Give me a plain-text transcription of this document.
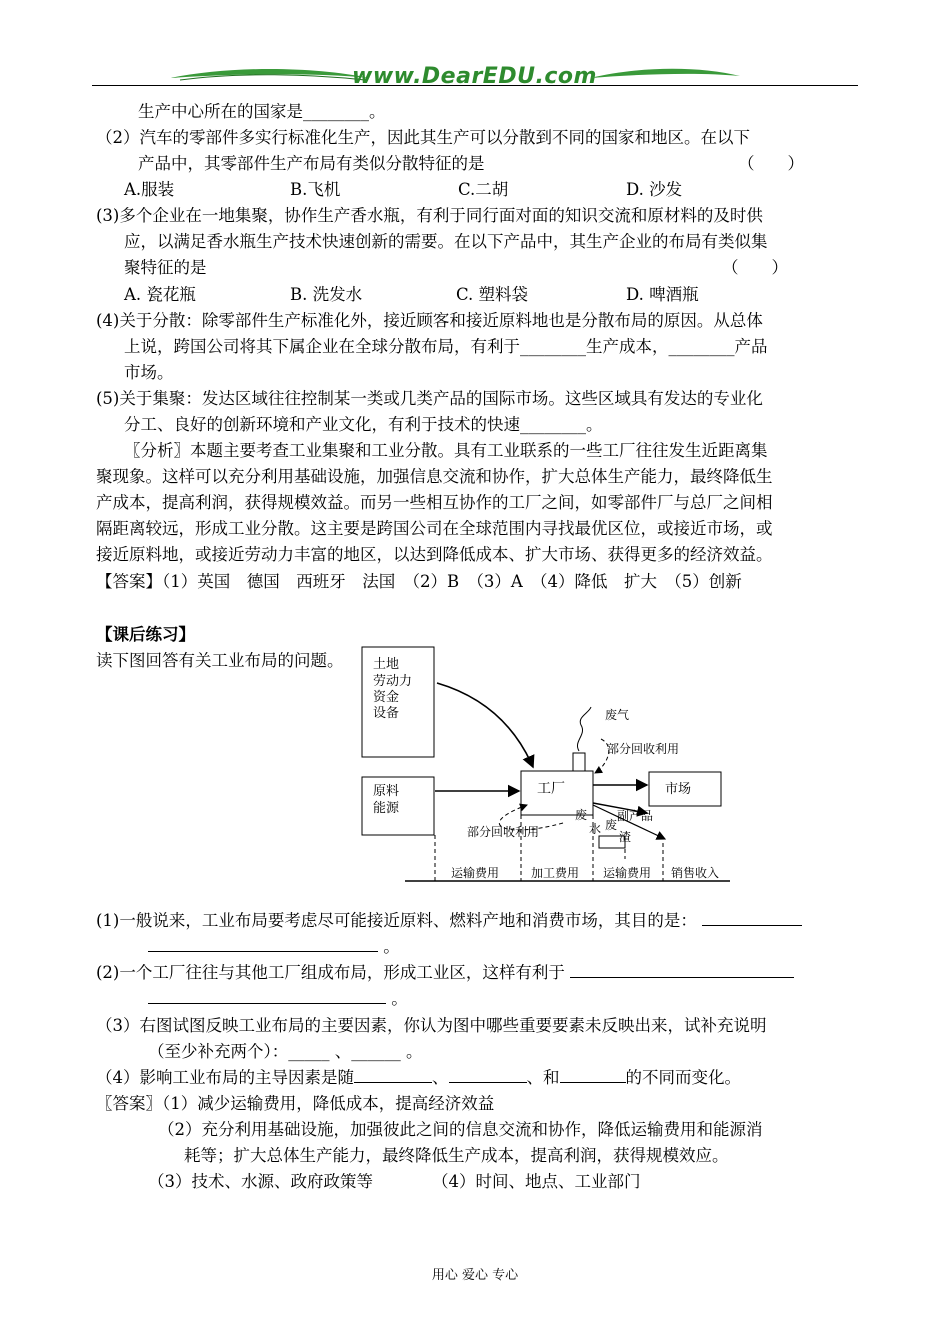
www.DearEDU.com
生产中心所在的国家是________。
（2）汽车的零部件多实行标准化生产，因此其生产可以分散到不同的国家和地区。在以下
产品中，其零部件生产布局有类似分散特征的是	（　　）
A.服装	B.飞机	C.二胡	D. 沙发
(3)多个企业在一地集聚，协作生产香水瓶，有利于同行面对面的知识交流和原材料的及时供
应，以满足香水瓶生产技术快速创新的需要。在以下产品中，其生产企业的布局有类似集
聚特征的是	（　　）
A. 瓷花瓶	B. 洗发水	C. 塑料袋	D. 啤酒瓶
(4)关于分散：除零部件生产标准化外，接近顾客和接近原料地也是分散布局的原因。从总体
上说，跨国公司将其下属企业在全球分散布局，有利于________生产成本，________产品
市场。
(5)关于集聚：发达区域往往控制某一类或几类产品的国际市场。这些区域具有发达的专业化
分工、良好的创新环境和产业文化，有利于技术的快速________。
〖分析〗本题主要考查工业集聚和工业分散。具有工业联系的一些工厂往往发生近距离集
聚现象。这样可以充分利用基础设施，加强信息交流和协作，扩大总体生产能力，最终降低生
产成本，提高利润，获得规模效益。而另一些相互协作的工厂之间，如零部件厂与总厂之间相
隔距离较远，形成工业分散。这主要是跨国公司在全球范围内寻找最优区位，或接近市场，或
接近原料地，或接近劳动力丰富的地区，以达到降低成本、扩大市场、获得更多的经济效益。
【答案】（1）英国　德国　西班牙　法国　（2）B　（3）A　（4）降低　扩大　（5）创新
【课后练习】
读下图回答有关工业布局的问题。 土地
劳动力
资金
设备
原料
能源
工厂
废气
部分回收利用
市场
副产品
废
水 废
渣
部分回收利用
运输费用	加工费用 运输费用 销售收入
(1)一般说来，工业布局要考虑尽可能接近原料、燃料产地和消费市场，其目的是：
。
(2)一个工厂往往与其他工厂组成布局，形成工业区，这样有利于
。
（3）右图试图反映工业布局的主要因素，你认为图中哪些重要要素未反映出来，试补充说明
（至少补充两个）：_____ 、______ 。
（4）影响工业布局的主导因素是随	、	、和	的不同而变化。
〖答案〗（1）减少运输费用，降低成本，提高经济效益
（2）充分利用基础设施，加强彼此之间的信息交流和协作，降低运输费用和能源消
耗等；扩大总体生产能力，最终降低生产成本，提高利润，获得规模效应。
（3）技术、水源、政府政策等	（4）时间、地点、工业部门
用心 爱心 专心
